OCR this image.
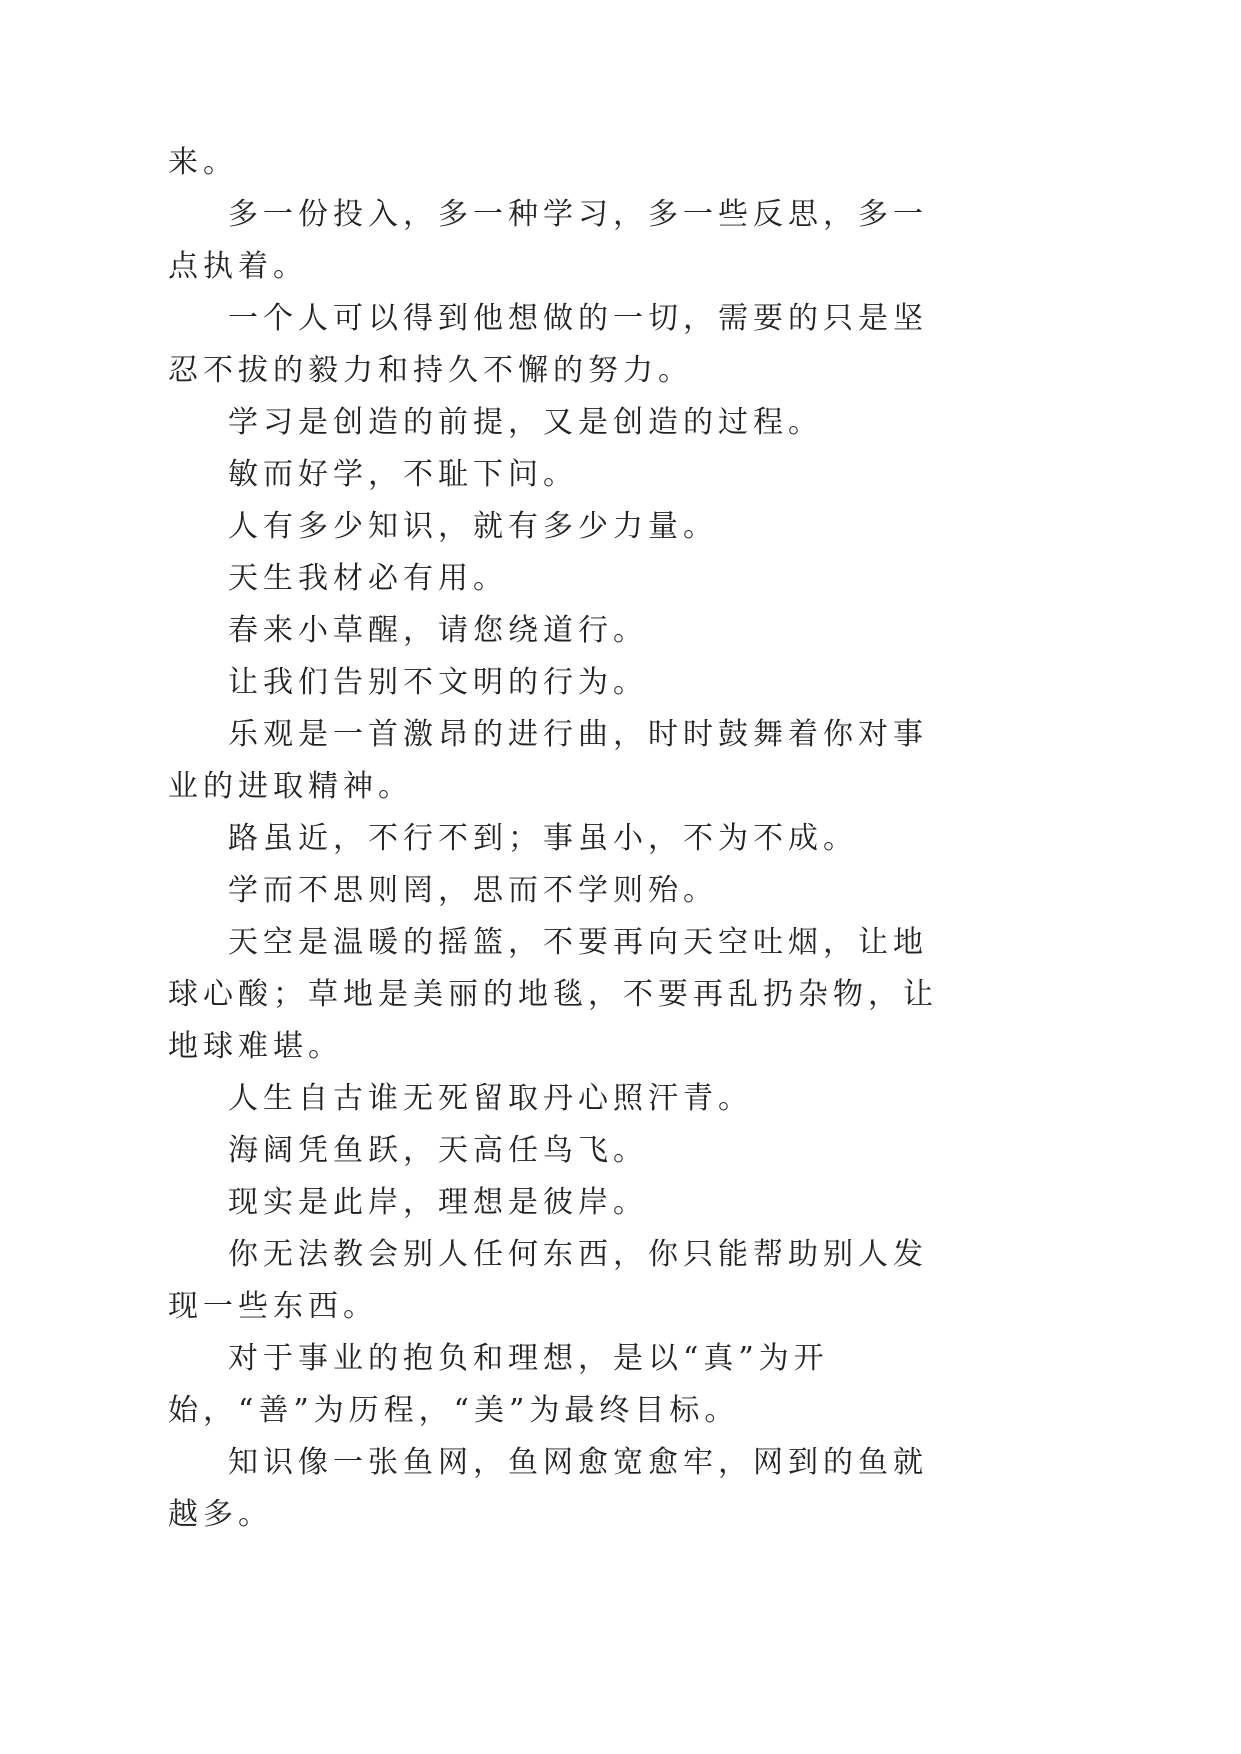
来。

多一份投入，多一种学习，多一些反思，多一点执着。

一个人可以得到他想做的一切，需要的只是坚忍不拔的毅力和持久不懈的努力。

学习是创造的前提，又是创造的过程。

敏而好学，不耻下问。

人有多少知识，就有多少力量。

天生我材必有用。

春来小草醒，请您绕道行。

让我们告别不文明的行为。

乐观是一首激昂的进行曲，时时鼓舞着你对事业的进取精神。

路虽近，不行不到；事虽小，不为不成。

学而不思则罔，思而不学则殆。

天空是温暖的摇篮，不要再向天空吐烟，让地球心酸；草地是美丽的地毯，不要再乱扔杂物，让地球难堪。

人生自古谁无死留取丹心照汗青。

海阔凭鱼跃，天高任鸟飞。

现实是此岸，理想是彼岸。

你无法教会别人任何东西，你只能帮助别人发现一些东西。

对于事业的抱负和理想，是以“真”为开始，“善”为历程，“美”为最终目标。

知识像一张鱼网，鱼网愈宽愈牢，网到的鱼就越多。
